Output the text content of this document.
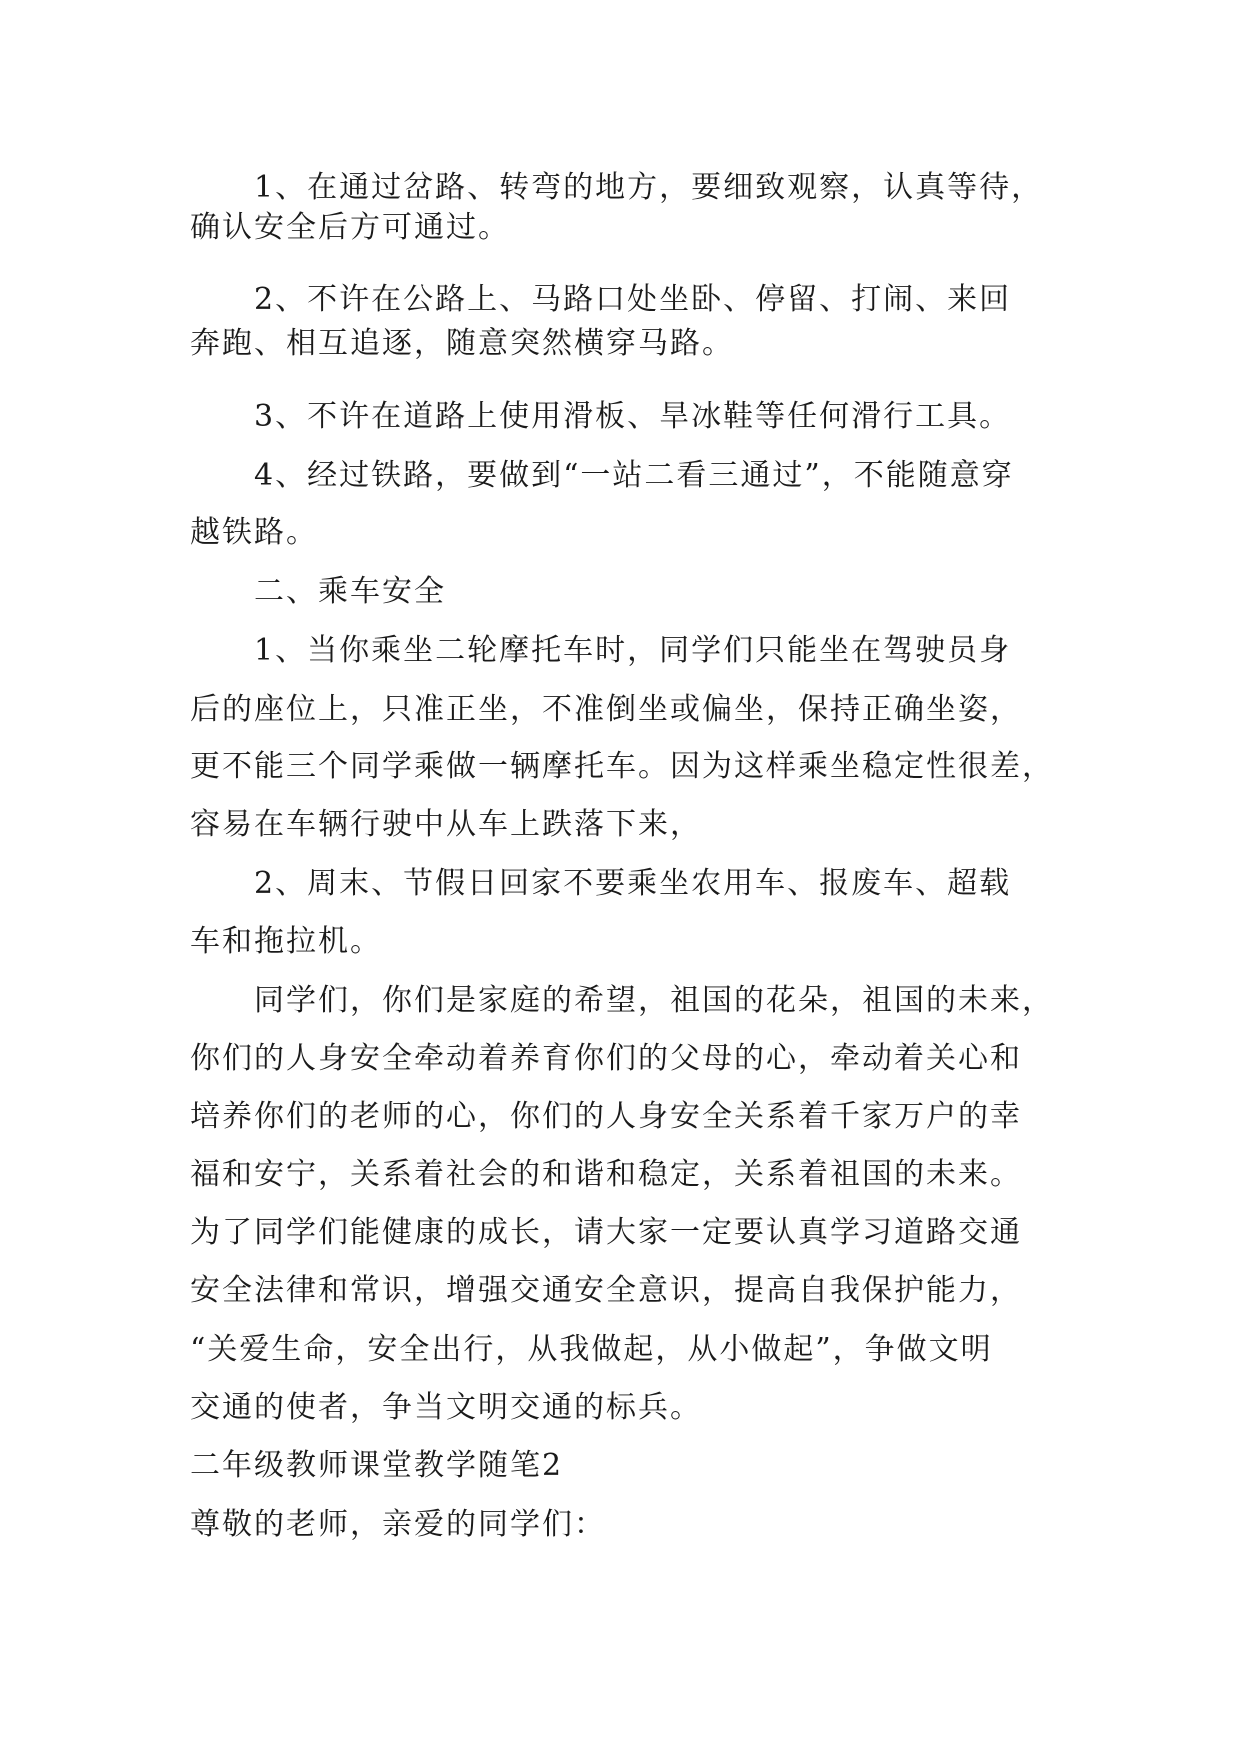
1、在通过岔路、转弯的地方，要细致观察，认真等待，
确认安全后方可通过。
2、不许在公路上、马路口处坐卧、停留、打闹、来回
奔跑、相互追逐，随意突然横穿马路。
3、不许在道路上使用滑板、旱冰鞋等任何滑行工具。
4、经过铁路，要做到“一站二看三通过”，不能随意穿
越铁路。
二、乘车安全
1、当你乘坐二轮摩托车时，同学们只能坐在驾驶员身
后的座位上，只准正坐，不准倒坐或偏坐，保持正确坐姿，
更不能三个同学乘做一辆摩托车。因为这样乘坐稳定性很差，
容易在车辆行驶中从车上跌落下来，
2、周末、节假日回家不要乘坐农用车、报废车、超载
车和拖拉机。
同学们，你们是家庭的希望，祖国的花朵，祖国的未来，
你们的人身安全牵动着养育你们的父母的心，牵动着关心和
培养你们的老师的心，你们的人身安全关系着千家万户的幸
福和安宁，关系着社会的和谐和稳定，关系着祖国的未来。
为了同学们能健康的成长，请大家一定要认真学习道路交通
安全法律和常识，增强交通安全意识，提高自我保护能力，
“关爱生命，安全出行，从我做起，从小做起”，争做文明
交通的使者，争当文明交通的标兵。
二年级教师课堂教学随笔2
尊敬的老师，亲爱的同学们：
